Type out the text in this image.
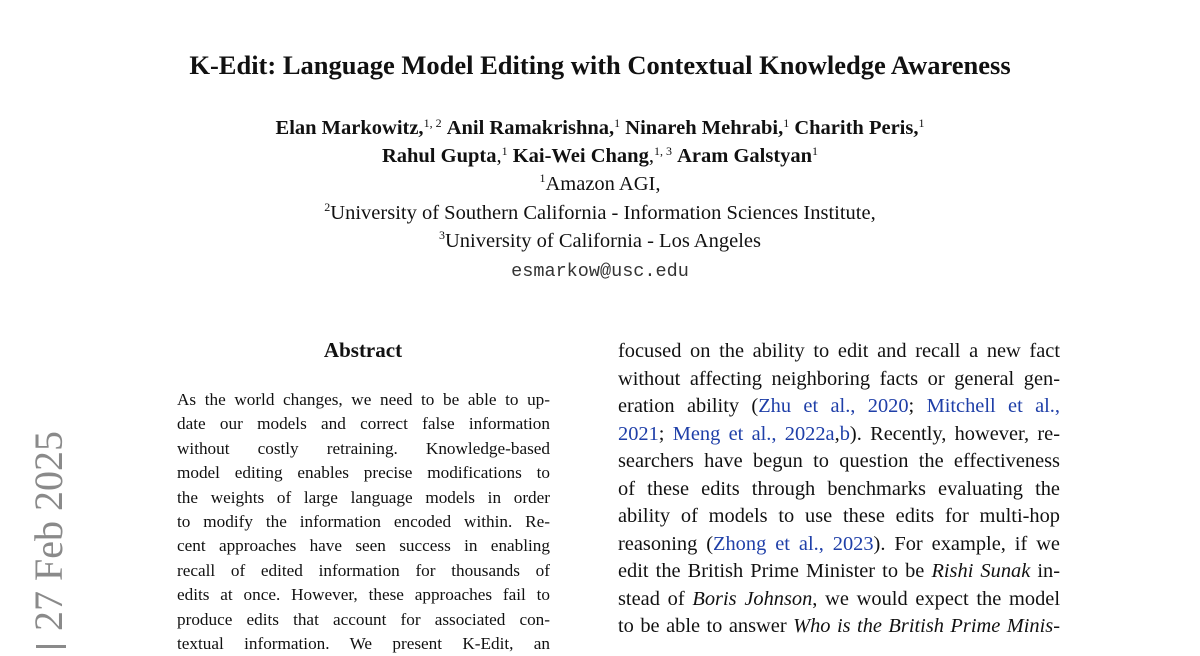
K-Edit: Language Model Editing with Contextual Knowledge Awareness
Elan Markowitz,$^{1, 2}$ Anil Ramakrishna,$^1$ Ninareh Mehrabi,$^1$ Charith Peris,$^1$
Rahul Gupta,$^1$ Kai-Wei Chang,$^{1, 3}$ Aram Galstyan$^1$
$^1$Amazon AGI,
$^2$University of Southern California - Information Sciences Institute,
$^3$University of California - Los Angeles
esmarkow@usc.edu
27 Feb 2025
Abstract
As the world changes, we need to be able to up-
date our models and correct false information
without costly retraining. Knowledge-based
model editing enables precise modifications to
the weights of large language models in order
to modify the information encoded within. Re-
cent approaches have seen success in enabling
recall of edited information for thousands of
edits at once. However, these approaches fail to
produce edits that account for associated con-
textual information. We present K-Edit, an
focused on the ability to edit and recall a new fact
without affecting neighboring facts or general gen-
eration ability (Zhu et al., 2020; Mitchell et al.,
2021; Meng et al., 2022a,b). Recently, however, re-
searchers have begun to question the effectiveness
of these edits through benchmarks evaluating the
ability of models to use these edits for multi-hop
reasoning (Zhong et al., 2023). For example, if we
edit the British Prime Minister to be Rishi Sunak in-
stead of Boris Johnson, we would expect the model
to be able to answer Who is the British Prime Minis-
